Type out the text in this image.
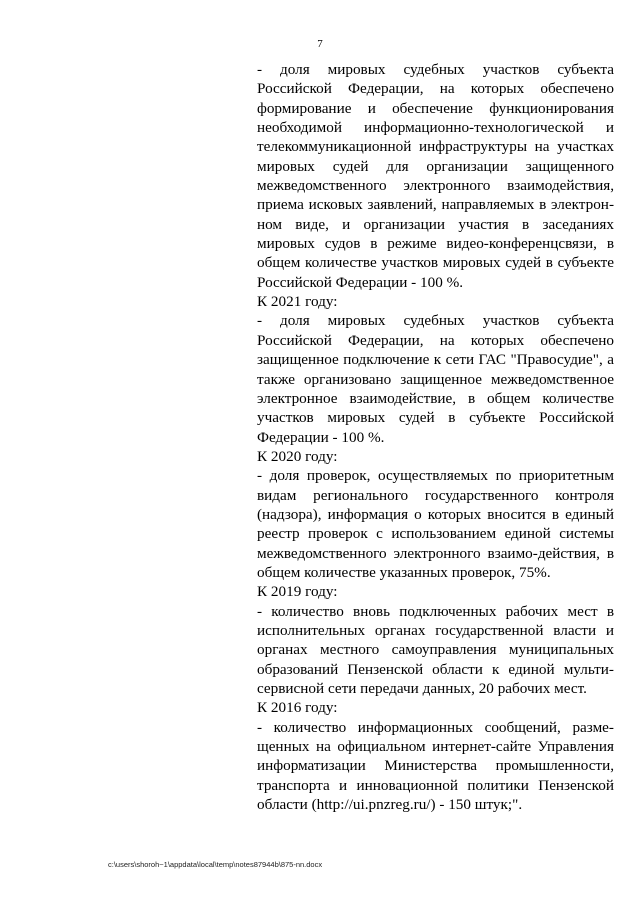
7

- доля мировых судебных участков субъекта Российской Федерации, на которых обеспечено формирование и обеспечение функционирования необходимой информационно-технологической и телекоммуникационной инфраструктуры на участках мировых судей для организации защищенного межведомственного электронного взаимодействия, приема исковых заявлений, направляемых в электрон-ном виде, и организации участия в заседаниях мировых судов в режиме видео-конференцсвязи, в общем количестве участков мировых судей в субъекте Российской Федерации - 100 %.

К 2021 году:

- доля мировых судебных участков субъекта Российской Федерации, на которых обеспечено защищенное подключение к сети ГАС "Правосудие", а также организовано защищенное межведомственное электронное взаимодействие, в общем количестве участков мировых судей в субъекте Российской Федерации - 100 %.

К 2020 году:

- доля проверок, осуществляемых по приоритетным видам регионального государственного контроля (надзора), информация о которых вносится в единый реестр проверок с использованием единой системы межведомственного электронного взаимо-действия, в общем количестве указанных проверок, 75%.

К 2019 году:

- количество вновь подключенных рабочих мест в исполнительных органах государственной власти и органах местного самоуправления муниципальных образований Пензенской области к единой мульти-сервисной сети передачи данных, 20 рабочих мест.

К 2016 году:

- количество информационных сообщений, разме-щенных на официальном интернет-сайте Управления информатизации Министерства промышленности, транспорта и инновационной политики Пензенской области (http://ui.pnzreg.ru/) - 150 штук;".

c:\users\shoroh~1\appdata\local\temp\notes87944b\875-nn.docx
